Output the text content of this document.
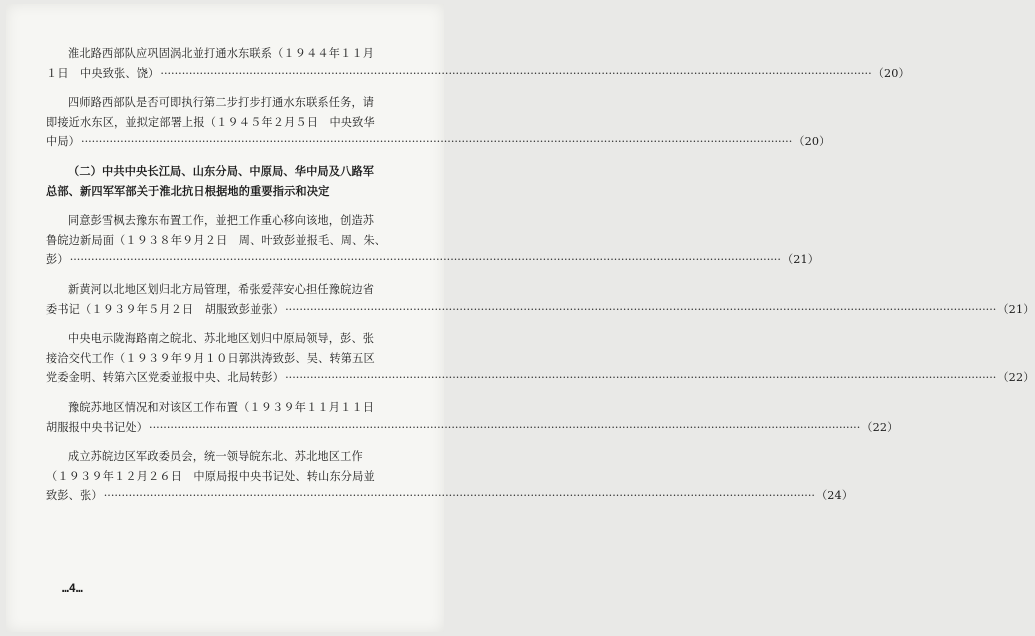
淮北路西部队应巩固涡北並打通水东联系（１９４４年１１月
１日　中央致张、饶） ········································································································································································································ （20）
四师路西部队是否可即执行第二步打步打通水东联系任务，请
即接近水东区，並拟定部署上报（１９４５年２月５日　中央致华
中局） ········································································································································································································ （20）
（二）中共中央长江局、山东分局、中原局、华中局及八路军
总部、新四军军部关于淮北抗日根据地的重要指示和决定
同意彭雪枫去豫东布置工作，並把工作重心移向该地，创造苏
鲁皖边新局面（１９３８年９月２日　周、叶致彭並报毛、周、朱、
彭） ········································································································································································································ （21）
新黄河以北地区划归北方局管理，希张爱萍安心担任豫皖边省
委书记（１９３９年５月２日　胡服致彭並张） ········································································································································································································ （21）
中央电示陇海路南之皖北、苏北地区划归中原局领导，彭、张
接洽交代工作（１９３９年９月１０日郭洪涛致彭、吴、转第五区
党委金明、转第六区党委並报中央、北局转彭） ········································································································································································································ （22）
豫皖苏地区情况和对该区工作布置（１９３９年１１月１１日
胡服报中央书记处） ········································································································································································································ （22）
成立苏皖边区军政委员会，统一领导皖东北、苏北地区工作
（１９３９年１２月２６日　中原局报中央书记处、转山东分局並
致彭、张） ········································································································································································································ （24）
…4…
